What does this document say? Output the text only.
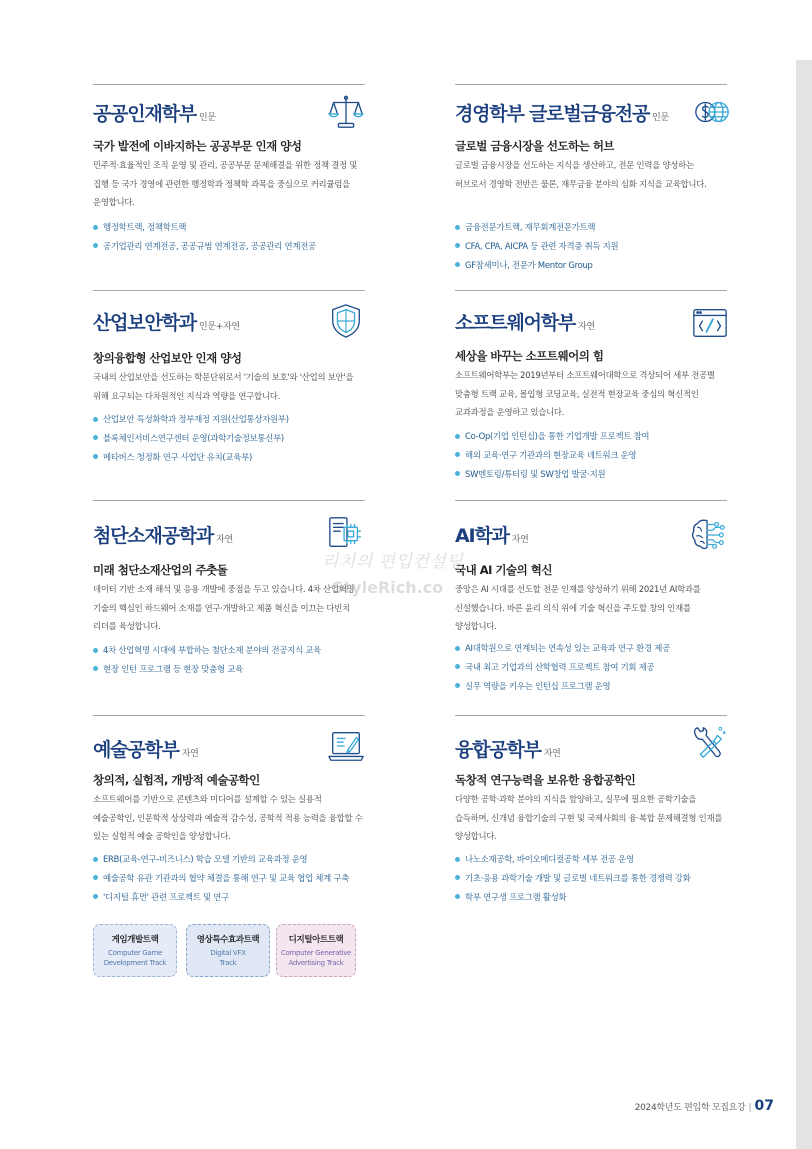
공공인재학부 인문
국가 발전에 이바지하는 공공부문 인재 양성
민주적·효율적인 조직 운영 및 관리, 공공부문 문제해결을 위한 정책 결정 및 집행 등 국가 경영에 관련한 행정학과 정책학 과목을 중심으로 커리큘럼을 운영합니다.
행정학트랙, 정책학트랙
공기업관리 연계전공, 공공규범 연계전공, 공공관리 연계전공
경영학부 글로벌금융전공 인문
글로벌 금융시장을 선도하는 허브
글로벌 금융시장을 선도하는 지식을 생산하고, 전문 인력을 양성하는 허브로서 경영학 전반은 물론, 재무금융 분야의 심화 지식을 교육합니다.
금융전문가트랙, 재무회계전문가트랙
CFA, CPA, AICPA 등 관련 자격증 취득 지원
GF참세미나, 전문가 Mentor Group
산업보안학과 인문+자연
창의융합형 산업보안 인재 양성
국내의 산업보안을 선도하는 학문단위로서 '기술의 보호'와 '산업의 보안'을 위해 요구되는 다차원적인 지식과 역량을 연구합니다.
산업보안 특성화학과 정부재정 지원(산업통상자원부)
블록체인서비스연구센터 운영(과학기술정보통신부)
메타버스 청정화 연구 사업단 유치(교육부)
소프트웨어학부 자연
세상을 바꾸는 소프트웨어의 힘
소프트웨어학부는 2019년부터 소프트웨어대학으로 격상되어 세부 전공별 맞춤형 트랙 교육, 몰입형 코딩교육, 실전적 현장교육 중심의 혁신적인 교과과정을 운영하고 있습니다.
Co-Op(기업 인턴십)을 통한 기업개발 프로젝트 참여
해외 교육·연구 기관과의 현장교육 네트워크 운영
SW멘토링/튜터링 및 SW창업 발굴·지원
첨단소재공학과 자연
미래 첨단소재산업의 주춧돌
데이터 기반 소재 해석 및 응용 개발에 중점을 두고 있습니다. 4차 산업혁명 기술의 핵심인 하드웨어 소재를 연구·개발하고 제품 혁신을 이끄는 다빈치 리더를 육성합니다.
4차 산업혁명 시대에 부합하는 첨단소재 분야의 전공지식 교육
현장 인턴 프로그램 등 현장 맞춤형 교육
AI학과 자연
국내 AI 기술의 혁신
중앙은 AI 시대를 선도할 전문 인재를 양성하기 위해 2021년 AI학과를 신설했습니다. 바른 윤리 의식 위에 기술 혁신을 주도할 창의 인재를 양성합니다.
AI대학원으로 연계되는 연속성 있는 교육과 연구 환경 제공
국내 최고 기업과의 산학협력 프로젝트 참여 기회 제공
실무 역량을 키우는 인턴십 프로그램 운영
예술공학부 자연
창의적, 실험적, 개방적 예술공학인
소프트웨어를 기반으로 콘텐츠와 미디어를 설계할 수 있는 실용적 예술공학인, 인문학적 상상력과 예술적 감수성, 공학적 적용 능력을 융합할 수 있는 실험적 예술 공학인을 양성합니다.
ERB(교육-연구-비즈니스) 학습 모델 기반의 교육과정 운영
예술공학 유관 기관과의 협약 체결을 통해 연구 및 교육 협업 체계 구축
'디지털 휴먼' 관련 프로젝트 및 연구
융합공학부 자연
독창적 연구능력을 보유한 융합공학인
다양한 공학·과학 분야의 지식을 함양하고, 실무에 필요한 공학기술을 습득하며, 신개념 융합기술의 구현 및 국제사회의 융·복합 문제해결형 인재를 양성합니다.
나노소재공학, 바이오메디컬공학 세부 전공 운영
기초·응용 과학기술 개발 및 글로벌 네트워크를 통한 경쟁력 강화
학부 연구생 프로그램 활성화
게임개발트랙
Computer Game
Development Track
영상특수효과트랙
Digital VFX
Track
디지털아트트랙
Computer Generative
Advertising Track
리치의 편입컨설팅
StyleRich.co
2024학년도 편입학 모집요강 | 07
